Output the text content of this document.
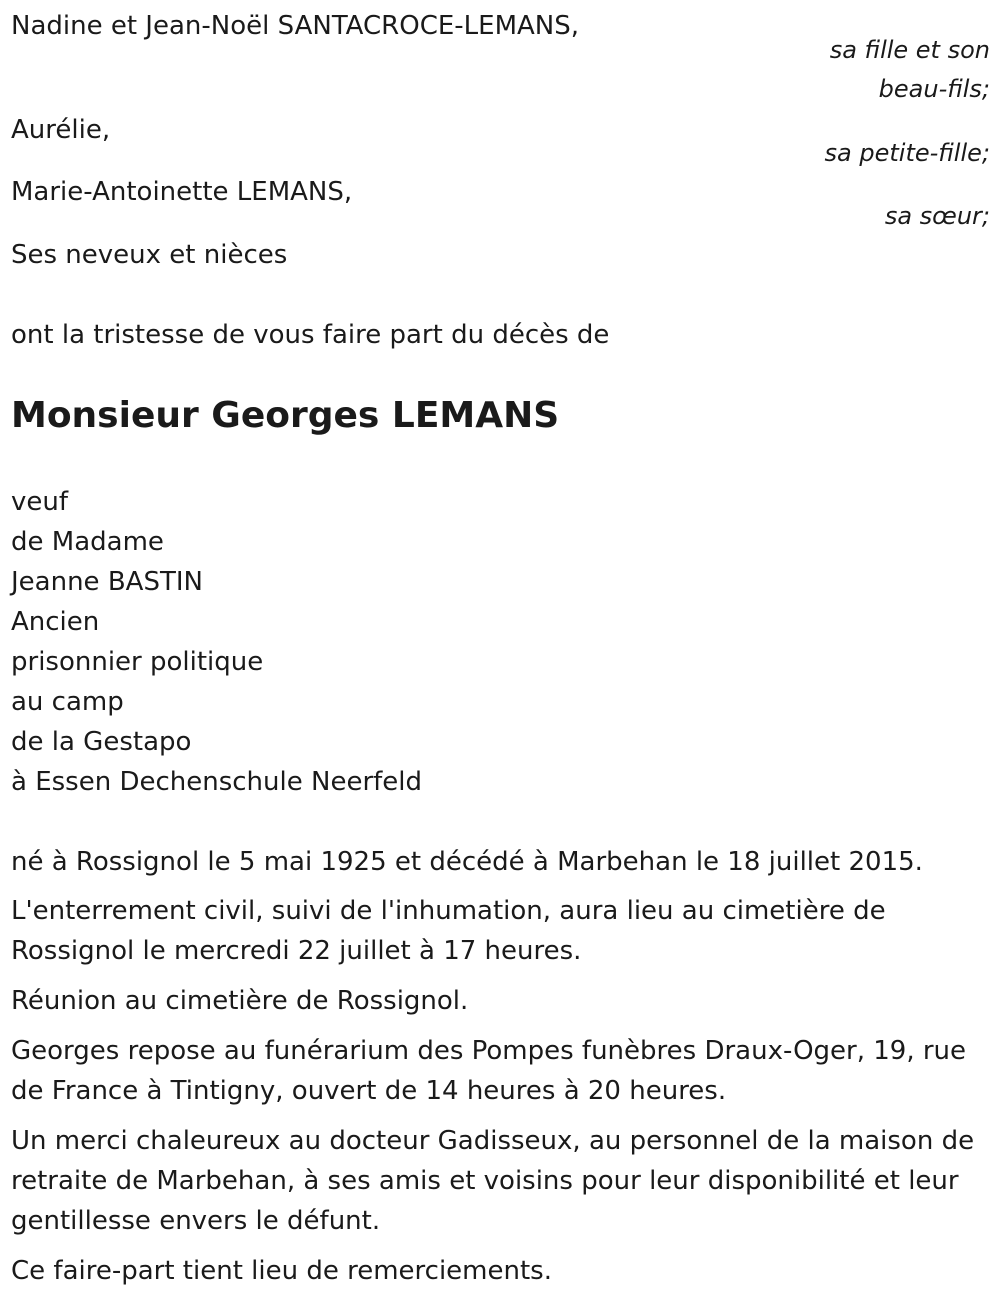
Nadine et Jean-Noël SANTACROCE-LEMANS,
sa fille et son
beau-fils;
Aurélie,
sa petite-fille;
Marie-Antoinette LEMANS,
sa sœur;
Ses neveux et nièces
ont la tristesse de vous faire part du décès de
Monsieur Georges LEMANS
veuf
de Madame
Jeanne BASTIN
Ancien
prisonnier politique
au camp
de la Gestapo
à Essen Dechenschule Neerfeld
né à Rossignol le 5 mai 1925 et décédé à Marbehan le 18 juillet 2015.
L'enterrement civil, suivi de l'inhumation, aura lieu au cimetière de Rossignol le mercredi 22 juillet à 17 heures.
Réunion au cimetière de Rossignol.
Georges repose au funérarium des Pompes funèbres Draux-Oger, 19, rue de France à Tintigny, ouvert de 14 heures à 20 heures.
Un merci chaleureux au docteur Gadisseux, au personnel de la maison de retraite de Marbehan, à ses amis et voisins pour leur disponibilité et leur gentillesse envers le défunt.
Ce faire-part tient lieu de remerciements.
